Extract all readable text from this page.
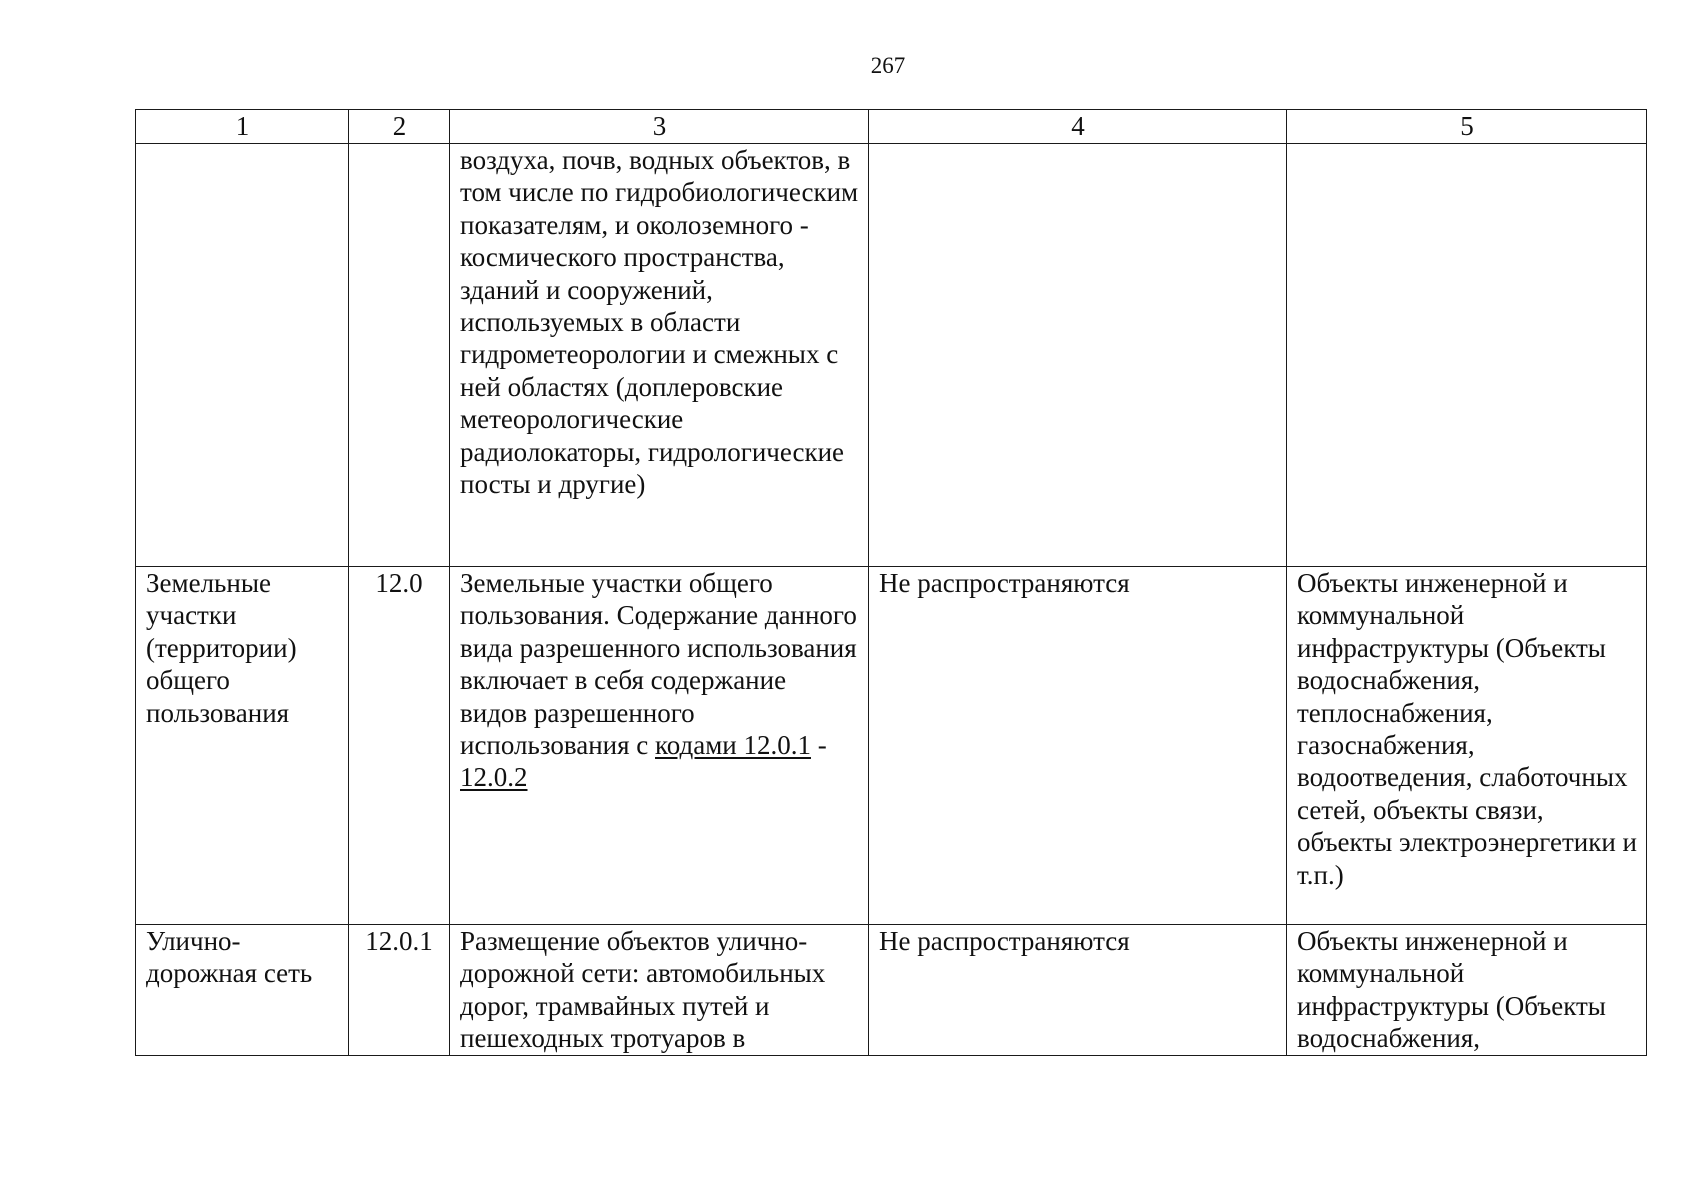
267
1	2	3	4	5
		воздуха, почв, водных объектов, в том числе по гидробиологическим показателям, и околоземного - космического пространства, зданий и сооружений, используемых в области гидрометеорологии и смежных с ней областях (доплеровские метеорологические радиолокаторы, гидрологические посты и другие)		
Земельные участки (территории) общего пользования	12.0	Земельные участки общего пользования. Содержание данного вида разрешенного использования включает в себя содержание видов разрешенного использования с кодами 12.0.1 - 12.0.2	Не распространяются	Объекты инженерной и коммунальной инфраструктуры (Объекты водоснабжения, теплоснабжения, газоснабжения, водоотведения, слаботочных сетей, объекты связи, объекты электроэнергетики и т.п.)

Улично-дорожная сеть	12.0.1	Размещение объектов улично-дорожной сети: автомобильных дорог, трамвайных путей и пешеходных тротуаров в	Не распространяются	Объекты инженерной и коммунальной инфраструктуры (Объекты водоснабжения,
